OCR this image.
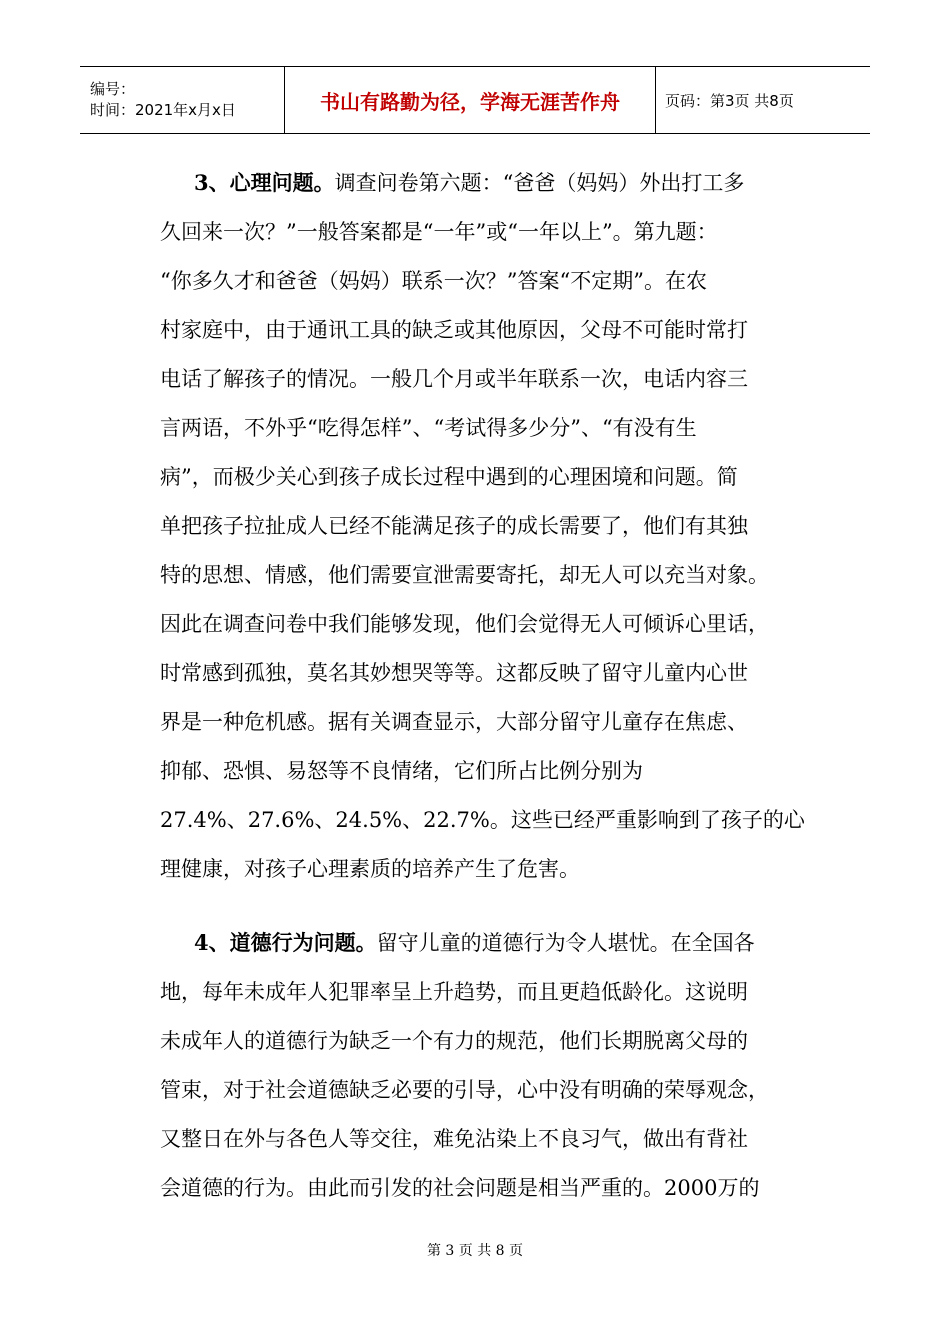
编号：
时间：2021年x月x日	书山有路勤为径，学海无涯苦作舟	页码：第3页 共8页

3、心理问题。调查问卷第六题：“爸爸（妈妈）外出打工多
久回来一次？”一般答案都是“一年”或“一年以上”。第九题：
“你多久才和爸爸（妈妈）联系一次？”答案“不定期”。在农
村家庭中，由于通讯工具的缺乏或其他原因，父母不可能时常打
电话了解孩子的情况。一般几个月或半年联系一次，电话内容三
言两语，不外乎“吃得怎样”、“考试得多少分”、“有没有生
病”，而极少关心到孩子成长过程中遇到的心理困境和问题。简
单把孩子拉扯成人已经不能满足孩子的成长需要了，他们有其独
特的思想、情感，他们需要宣泄需要寄托，却无人可以充当对象。
因此在调查问卷中我们能够发现，他们会觉得无人可倾诉心里话，
时常感到孤独，莫名其妙想哭等等。这都反映了留守儿童内心世
界是一种危机感。据有关调查显示，大部分留守儿童存在焦虑、
抑郁、恐惧、易怒等不良情绪，它们所占比例分别为
27.4%、27.6%、24.5%、22.7%。这些已经严重影响到了孩子的心
理健康，对孩子心理素质的培养产生了危害。

4、道德行为问题。留守儿童的道德行为令人堪忧。在全国各
地，每年未成年人犯罪率呈上升趋势，而且更趋低龄化。这说明
未成年人的道德行为缺乏一个有力的规范，他们长期脱离父母的
管束，对于社会道德缺乏必要的引导，心中没有明确的荣辱观念，
又整日在外与各色人等交往，难免沾染上不良习气，做出有背社
会道德的行为。由此而引发的社会问题是相当严重的。2000万的

第 3 页 共 8 页
